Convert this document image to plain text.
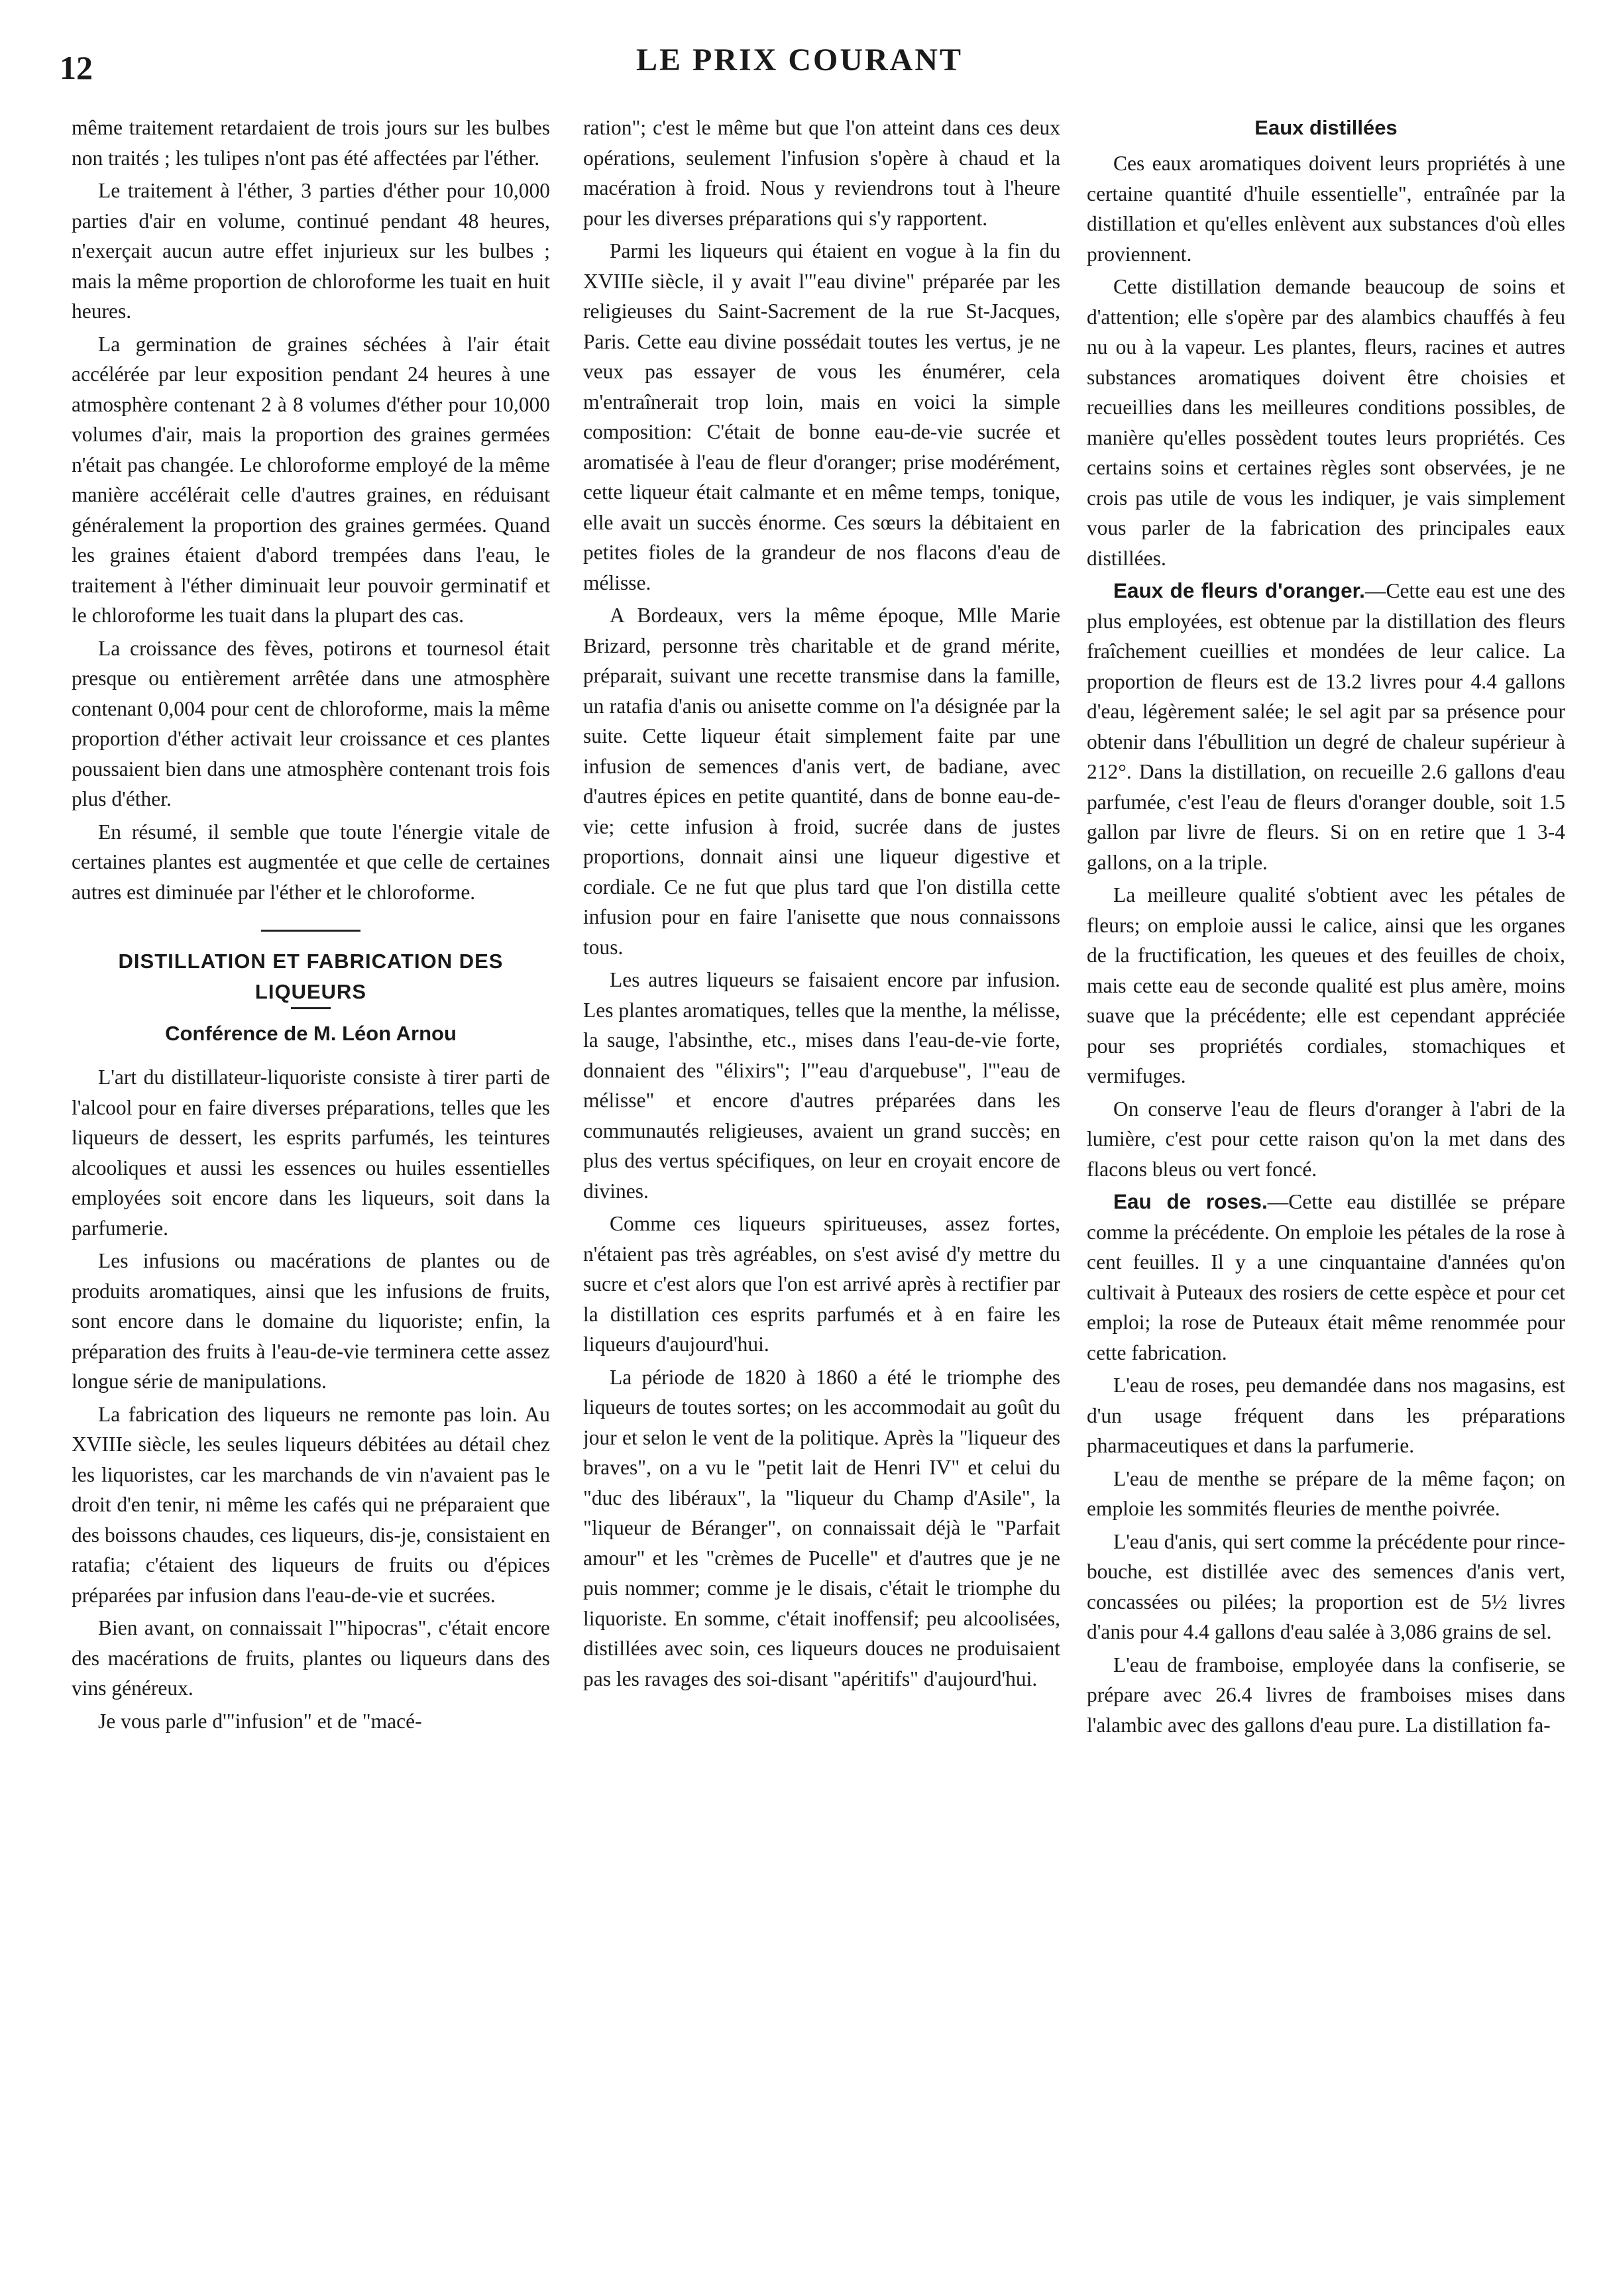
12	LE PRIX COURANT

même traitement retardaient de trois jours sur les bulbes non traités ; les tulipes n'ont pas été affectées par l'éther.

Le traitement à l'éther, 3 parties d'éther pour 10,000 parties d'air en volume, continué pendant 48 heures, n'exerçait aucun autre effet injurieux sur les bulbes ; mais la même proportion de chloroforme les tuait en huit heures.

La germination de graines séchées à l'air était accélérée par leur exposition pendant 24 heures à une atmosphère contenant 2 à 8 volumes d'éther pour 10,000 volumes d'air, mais la proportion des graines germées n'était pas changée. Le chloroforme employé de la même manière accélérait celle d'autres graines, en réduisant généralement la proportion des graines germées. Quand les graines étaient d'abord trempées dans l'eau, le traitement à l'éther diminuait leur pouvoir germinatif et le chloroforme les tuait dans la plupart des cas.

La croissance des fèves, potirons et tournesol était presque ou entièrement arrêtée dans une atmosphère contenant 0,004 pour cent de chloroforme, mais la même proportion d'éther activait leur croissance et ces plantes poussaient bien dans une atmosphère contenant trois fois plus d'éther.

En résumé, il semble que toute l'énergie vitale de certaines plantes est augmentée et que celle de certaines autres est diminuée par l'éther et le chloroforme.

DISTILLATION ET FABRICATION DES LIQUEURS
Conférence de M. Léon Arnou

L'art du distillateur-liquoriste consiste à tirer parti de l'alcool pour en faire diverses préparations, telles que les liqueurs de dessert, les esprits parfumés, les teintures alcooliques et aussi les essences ou huiles essentielles employées soit encore dans les liqueurs, soit dans la parfumerie.

Les infusions ou macérations de plantes ou de produits aromatiques, ainsi que les infusions de fruits, sont encore dans le domaine du liquoriste; enfin, la préparation des fruits à l'eau-de-vie terminera cette assez longue série de manipulations.

La fabrication des liqueurs ne remonte pas loin. Au XVIIIe siècle, les seules liqueurs débitées au détail chez les liquoristes, car les marchands de vin n'avaient pas le droit d'en tenir, ni même les cafés qui ne préparaient que des boissons chaudes, ces liqueurs, dis-je, consistaient en ratafia; c'étaient des liqueurs de fruits ou d'épices préparées par infusion dans l'eau-de-vie et sucrées.

Bien avant, on connaissait l'"hipocras", c'était encore des macérations de fruits, plantes ou liqueurs dans des vins généreux.

Je vous parle d'"infusion" et de "macé-

ration"; c'est le même but que l'on atteint dans ces deux opérations, seulement l'infusion s'opère à chaud et la macération à froid. Nous y reviendrons tout à l'heure pour les diverses préparations qui s'y rapportent.

Parmi les liqueurs qui étaient en vogue à la fin du XVIIIe siècle, il y avait l'"eau divine" préparée par les religieuses du Saint-Sacrement de la rue St-Jacques, Paris. Cette eau divine possédait toutes les vertus, je ne veux pas essayer de vous les énumérer, cela m'entraînerait trop loin, mais en voici la simple composition: C'était de bonne eau-de-vie sucrée et aromatisée à l'eau de fleur d'oranger; prise modérément, cette liqueur était calmante et en même temps, tonique, elle avait un succès énorme. Ces sœurs la débitaient en petites fioles de la grandeur de nos flacons d'eau de mélisse.

A Bordeaux, vers la même époque, Mlle Marie Brizard, personne très charitable et de grand mérite, préparait, suivant une recette transmise dans la famille, un ratafia d'anis ou anisette comme on l'a désignée par la suite. Cette liqueur était simplement faite par une infusion de semences d'anis vert, de badiane, avec d'autres épices en petite quantité, dans de bonne eau-de-vie; cette infusion à froid, sucrée dans de justes proportions, donnait ainsi une liqueur digestive et cordiale. Ce ne fut que plus tard que l'on distilla cette infusion pour en faire l'anisette que nous connaissons tous.

Les autres liqueurs se faisaient encore par infusion. Les plantes aromatiques, telles que la menthe, la mélisse, la sauge, l'absinthe, etc., mises dans l'eau-de-vie forte, donnaient des "élixirs"; l'"eau d'arquebuse", l'"eau de mélisse" et encore d'autres préparées dans les communautés religieuses, avaient un grand succès; en plus des vertus spécifiques, on leur en croyait encore de divines.

Comme ces liqueurs spiritueuses, assez fortes, n'étaient pas très agréables, on s'est avisé d'y mettre du sucre et c'est alors que l'on est arrivé après à rectifier par la distillation ces esprits parfumés et à en faire les liqueurs d'aujourd'hui.

La période de 1820 à 1860 a été le triomphe des liqueurs de toutes sortes; on les accommodait au goût du jour et selon le vent de la politique. Après la "liqueur des braves", on a vu le "petit lait de Henri IV" et celui du "duc des libéraux", la "liqueur du Champ d'Asile", la "liqueur de Béranger", on connaissait déjà le "Parfait amour" et les "crèmes de Pucelle" et d'autres que je ne puis nommer; comme je le disais, c'était le triomphe du liquoriste. En somme, c'était inoffensif; peu alcoolisées, distillées avec soin, ces liqueurs douces ne produisaient pas les ravages des soi-disant "apéritifs" d'aujourd'hui.

Eaux distillées

Ces eaux aromatiques doivent leurs propriétés à une certaine quantité d'huile essentielle", entraînée par la distillation et qu'elles enlèvent aux substances d'où elles proviennent.

Cette distillation demande beaucoup de soins et d'attention; elle s'opère par des alambics chauffés à feu nu ou à la vapeur. Les plantes, fleurs, racines et autres substances aromatiques doivent être choisies et recueillies dans les meilleures conditions possibles, de manière qu'elles possèdent toutes leurs propriétés. Ces certains soins et certaines règles sont observées, je ne crois pas utile de vous les indiquer, je vais simplement vous parler de la fabrication des principales eaux distillées.

Eaux de fleurs d'oranger.—Cette eau est une des plus employées, est obtenue par la distillation des fleurs fraîchement cueillies et mondées de leur calice. La proportion de fleurs est de 13.2 livres pour 4.4 gallons d'eau, légèrement salée; le sel agit par sa présence pour obtenir dans l'ébullition un degré de chaleur supérieur à 212°. Dans la distillation, on recueille 2.6 gallons d'eau parfumée, c'est l'eau de fleurs d'oranger double, soit 1.5 gallon par livre de fleurs. Si on en retire que 1 3-4 gallons, on a la triple.

La meilleure qualité s'obtient avec les pétales de fleurs; on emploie aussi le calice, ainsi que les organes de la fructification, les queues et des feuilles de choix, mais cette eau de seconde qualité est plus amère, moins suave que la précédente; elle est cependant appréciée pour ses propriétés cordiales, stomachiques et vermifuges.

On conserve l'eau de fleurs d'oranger à l'abri de la lumière, c'est pour cette raison qu'on la met dans des flacons bleus ou vert foncé.

Eau de roses.—Cette eau distillée se prépare comme la précédente. On emploie les pétales de la rose à cent feuilles. Il y a une cinquantaine d'années qu'on cultivait à Puteaux des rosiers de cette espèce et pour cet emploi; la rose de Puteaux était même renommée pour cette fabrication.

L'eau de roses, peu demandée dans nos magasins, est d'un usage fréquent dans les préparations pharmaceutiques et dans la parfumerie.

L'eau de menthe se prépare de la même façon; on emploie les sommités fleuries de menthe poivrée.

L'eau d'anis, qui sert comme la précédente pour rince-bouche, est distillée avec des semences d'anis vert, concassées ou pilées; la proportion est de 5½ livres d'anis pour 4.4 gallons d'eau salée à 3,086 grains de sel.

L'eau de framboise, employée dans la confiserie, se prépare avec 26.4 livres de framboises mises dans l'alambic avec des gallons d'eau pure. La distillation fa-
